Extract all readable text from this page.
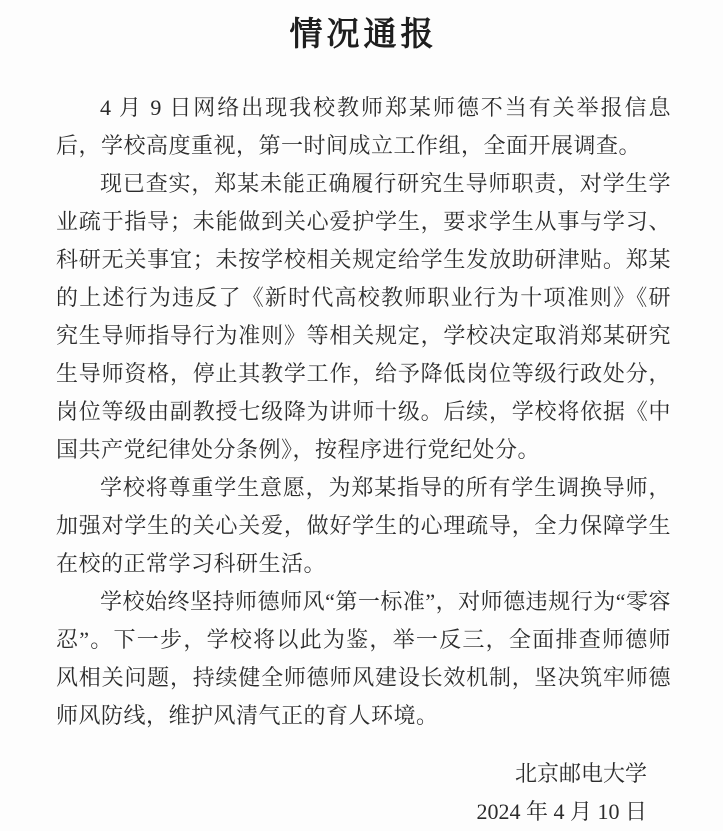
情况通报

4 月 9 日网络出现我校教师郑某师德不当有关举报信息后，学校高度重视，第一时间成立工作组，全面开展调查。

现已查实，郑某未能正确履行研究生导师职责，对学生学业疏于指导；未能做到关心爱护学生，要求学生从事与学习、科研无关事宜；未按学校相关规定给学生发放助研津贴。郑某的上述行为违反了《新时代高校教师职业行为十项准则》《研究生导师指导行为准则》等相关规定，学校决定取消郑某研究生导师资格，停止其教学工作，给予降低岗位等级行政处分，岗位等级由副教授七级降为讲师十级。后续，学校将依据《中国共产党纪律处分条例》，按程序进行党纪处分。

学校将尊重学生意愿，为郑某指导的所有学生调换导师，加强对学生的关心关爱，做好学生的心理疏导，全力保障学生在校的正常学习科研生活。

学校始终坚持师德师风“第一标准”，对师德违规行为“零容忍”。下一步，学校将以此为鉴，举一反三，全面排查师德师风相关问题，持续健全师德师风建设长效机制，坚决筑牢师德师风防线，维护风清气正的育人环境。

北京邮电大学
2024 年 4 月 10 日
